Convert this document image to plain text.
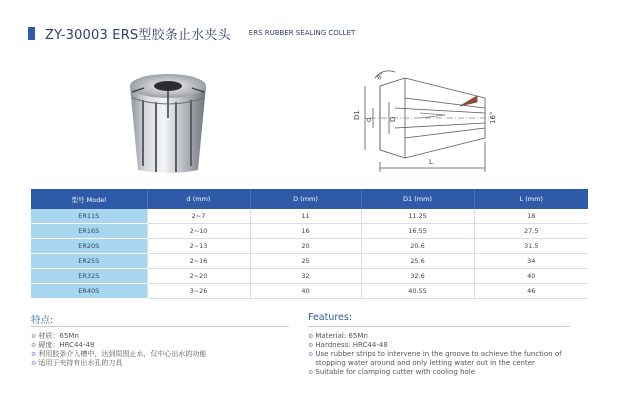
ZY-30003 ERS型胶条止水夹头	ERS RUBBER SEALING COLLET
D1 d D
L
16°
8°
型号 Model	d (mm)	D (mm)	D1 (mm)	L (mm)
ER11S	2~7	11	11.25	18
ER16S	2~10	16	16.55	27.5
ER20S	2~13	20	20.6	31.5
ER25S	2~16	25	25.6	34
ER32S	2~20	32	32.6	40
ER40S	3~26	40	40.55	46
特点:
⚙ 材质：65Mn
⚙ 硬度：HRC44-48
⚙ 利用胶条介入槽中，达到周围止水，仅中心出水的功能
⚙ 适用于夹持有出水孔的刀具
Features:
⚙ Material: 65Mn
⚙ Hardness: HRC44-48
⚙ Use rubber strips to intervene in the groove to achieve the function of stopping water around and only letting water out in the center
⚙ Suitable for clamping cutter with cooling hole
